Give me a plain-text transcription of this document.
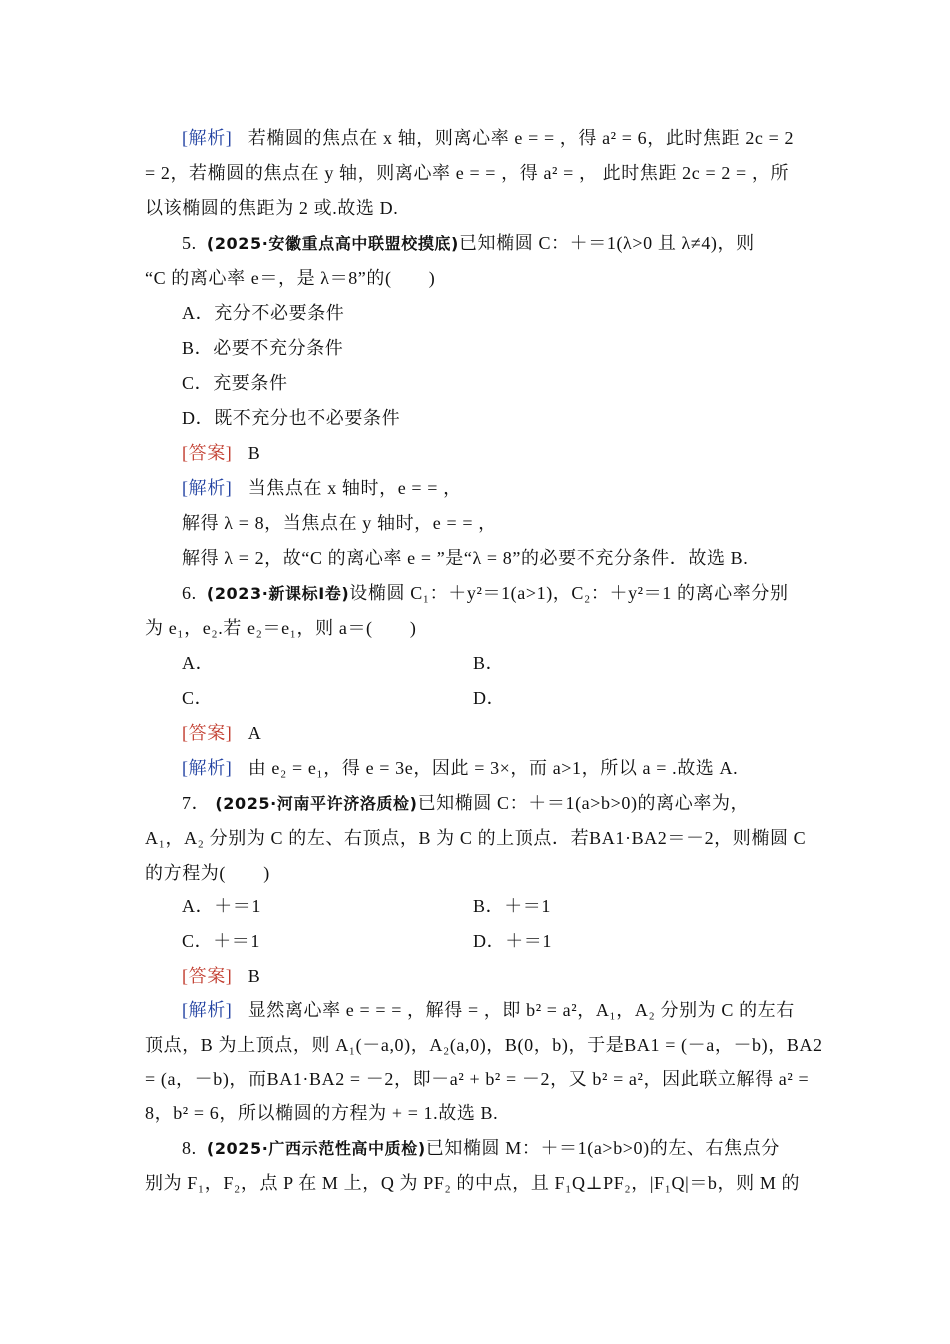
[解析] 若椭圆的焦点在 x 轴，则离心率 e = = ，得 a² = 6，此时焦距 2c = 2
= 2，若椭圆的焦点在 y 轴，则离心率 e = = ，得 a² = ， 此时焦距 2c = 2 = ，所
以该椭圆的焦距为 2 或.故选 D.
5. (2025·安徽重点高中联盟校摸底)已知椭圆 C：＋＝1(λ>0 且 λ≠4)，则
“C 的离心率 e＝，是 λ＝8”的(　　)
A．充分不必要条件
B．必要不充分条件
C．充要条件
D．既不充分也不必要条件
[答案] B
[解析] 当焦点在 x 轴时，e = = ，
解得 λ = 8，当焦点在 y 轴时，e = = ，
解得 λ = 2，故“C 的离心率 e = ”是“λ = 8”的必要不充分条件．故选 B.
6. (2023·新课标Ⅰ卷)设椭圆 C₁：＋y²＝1(a>1)，C₂：＋y²＝1 的离心率分别
为 e₁，e₂.若 e₂＝e₁，则 a＝(　　)
A．	B．
C．	D．
[答案] A
[解析] 由 e₂ = e₁，得 e = 3e，因此 = 3×，而 a>1，所以 a = .故选 A.
7． (2025·河南平许济洛质检)已知椭圆 C：＋＝1(a>b>0)的离心率为，
A₁，A₂ 分别为 C 的左、右顶点，B 为 C 的上顶点．若BA1·BA2＝－2，则椭圆 C
的方程为(　　)
A．＋＝1	B．＋＝1
C．＋＝1	D．＋＝1
[答案] B
[解析] 显然离心率 e = = = ，解得 = ，即 b² = a²，A₁，A₂ 分别为 C 的左右
顶点，B 为上顶点，则 A₁(－a,0)，A₂(a,0)，B(0，b)，于是BA1 = (－a，－b)，BA2
= (a，－b)，而BA1·BA2 = －2，即－a² + b² = －2，又 b² = a²，因此联立解得 a² =
8，b² = 6，所以椭圆的方程为 + = 1.故选 B.
8. (2025·广西示范性高中质检)已知椭圆 M：＋＝1(a>b>0)的左、右焦点分
别为 F₁，F₂，点 P 在 M 上，Q 为 PF₂ 的中点，且 F₁Q⊥PF₂，|F₁Q|＝b，则 M 的
